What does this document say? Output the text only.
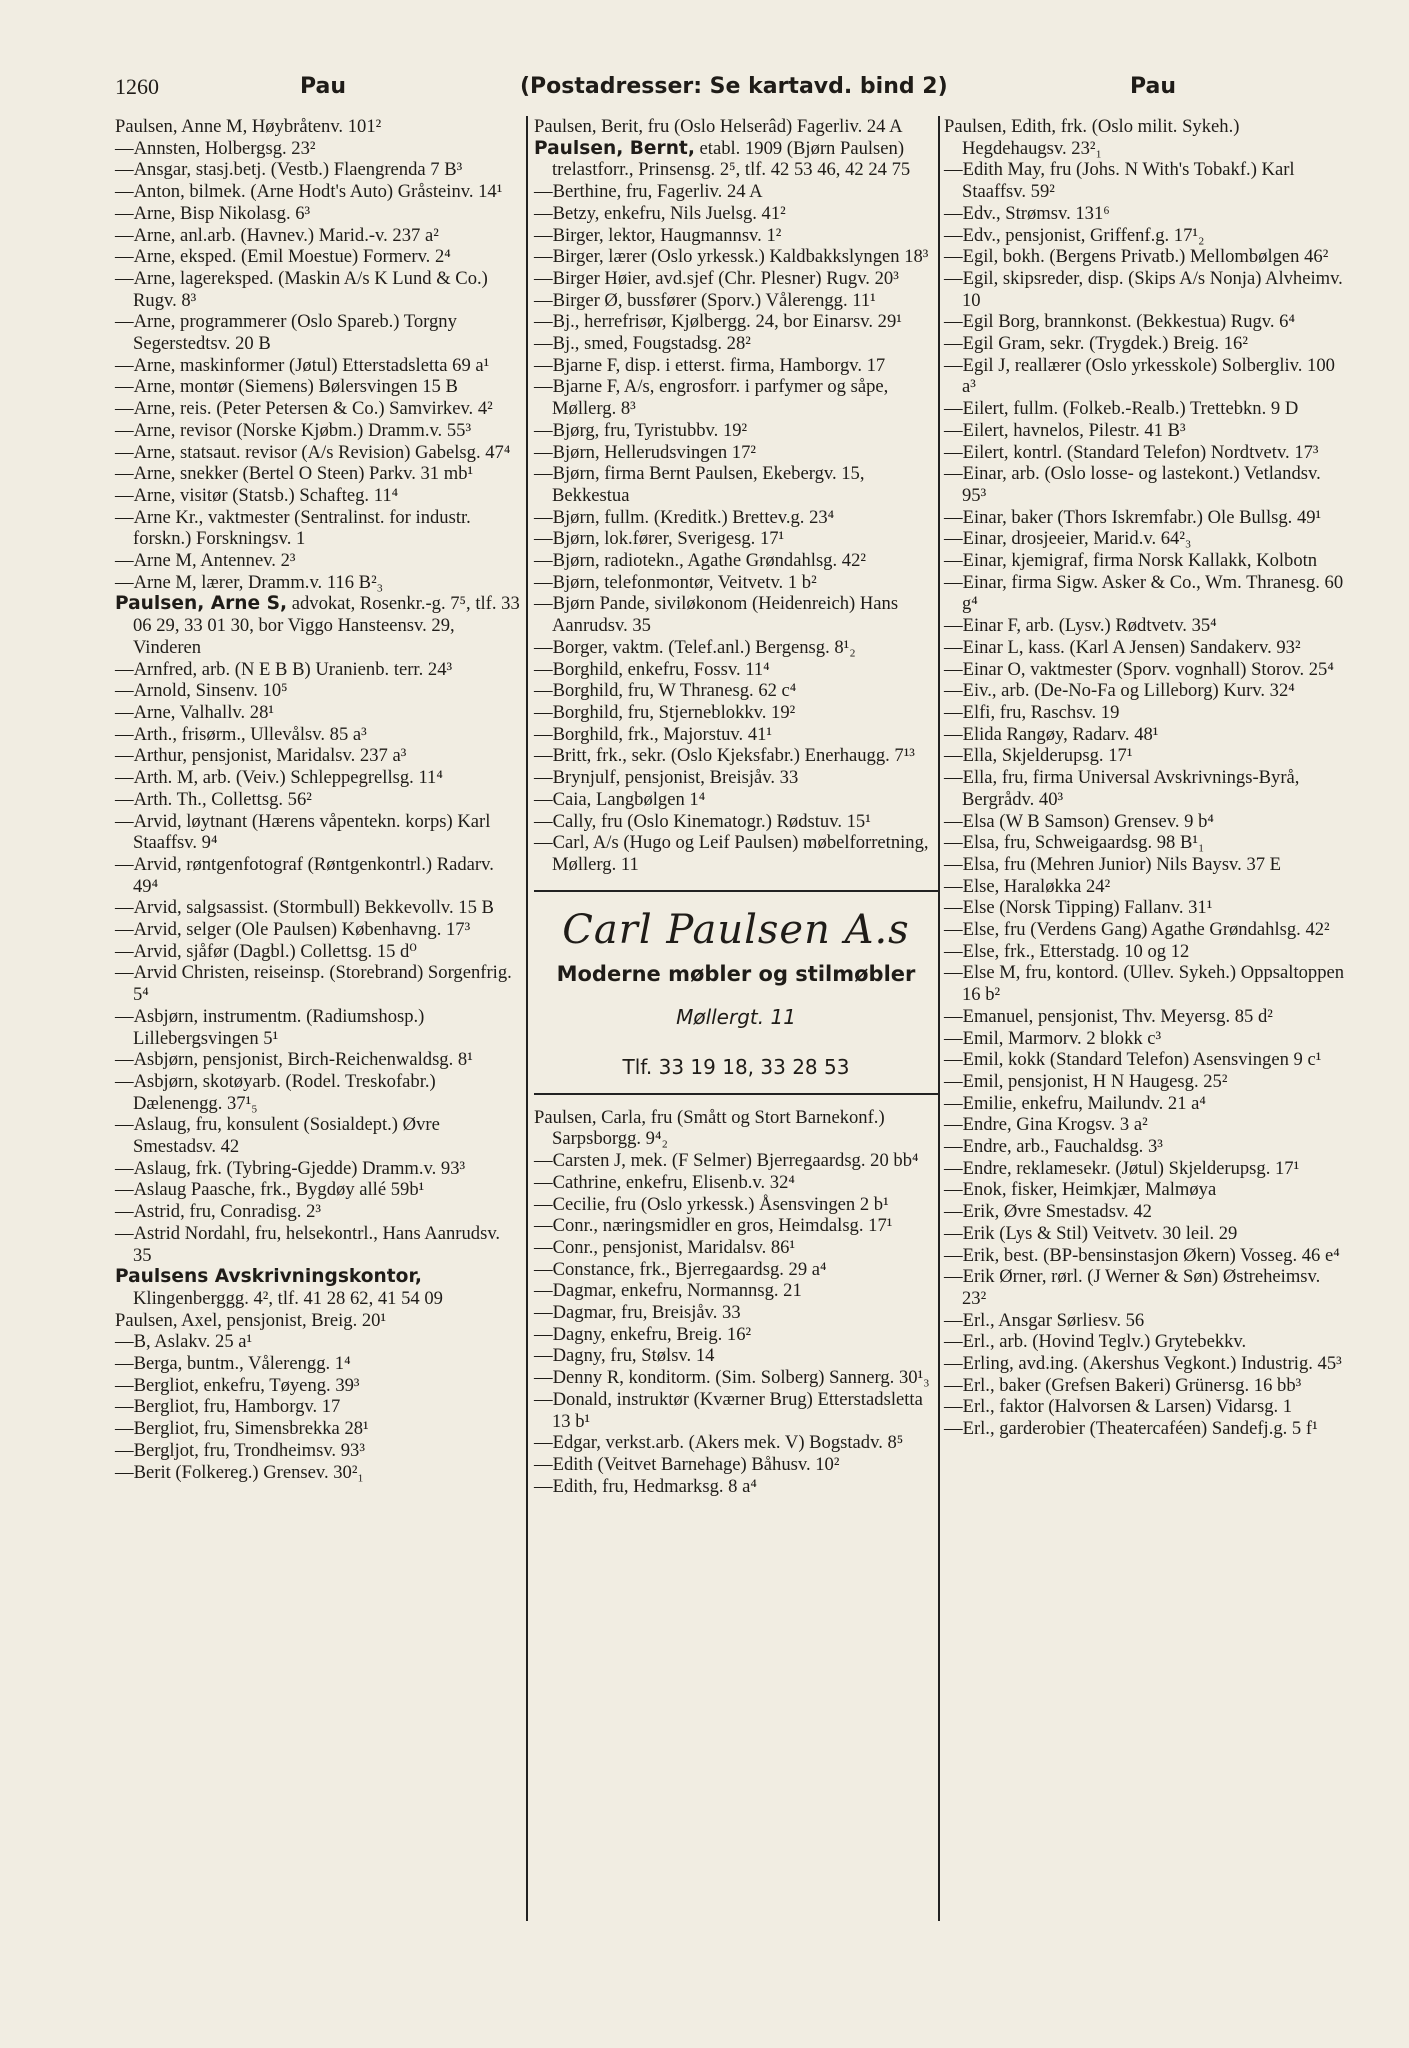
1260	Pau	(Postadresser: Se kartavd. bind 2)	Pau
Paulsen, Anne M, Høybråtenv. 101²
—Annsten, Holbergsg. 23²
—Ansgar, stasj.betj. (Vestb.) Flaengrenda 7 B³
—Anton, bilmek. (Arne Hodt's Auto) Gråsteinv. 14¹
—Arne, Bisp Nikolasg. 6³
—Arne, anl.arb. (Havnev.) Marid.-v. 237 a²
—Arne, eksped. (Emil Moestue) Formerv. 2⁴
—Arne, lagereksped. (Maskin A/s K Lund & Co.) Rugv. 8³
—Arne, programmerer (Oslo Spareb.) Torgny Segerstedtsv. 20 B
—Arne, maskinformer (Jøtul) Etterstadsletta 69 a¹
—Arne, montør (Siemens) Bølersvingen 15 B
—Arne, reis. (Peter Petersen & Co.) Samvirkev. 4²
—Arne, revisor (Norske Kjøbm.) Dramm.v. 55³
—Arne, statsaut. revisor (A/s Revision) Gabelsg. 47⁴
—Arne, snekker (Bertel O Steen) Parkv. 31 mb¹
—Arne, visitør (Statsb.) Schafteg. 11⁴
—Arne Kr., vaktmester (Sentralinst. for industr. forskn.) Forskningsv. 1
—Arne M, Antennev. 2³
—Arne M, lærer, Dramm.v. 116 B²₃
Paulsen, Arne S, advokat, Rosenkr.-g. 7⁵, tlf. 33 06 29, 33 01 30, bor Viggo Hansteensv. 29, Vinderen
—Arnfred, arb. (N E B B) Uranienb. terr. 24³
—Arnold, Sinsenv. 10⁵
—Arne, Valhallv. 28¹
—Arth., frisørm., Ullevålsv. 85 a³
—Arthur, pensjonist, Maridalsv. 237 a³
—Arth. M, arb. (Veiv.) Schleppegrellsg. 11⁴
—Arth. Th., Collettsg. 56²
—Arvid, løytnant (Hærens våpentekn. korps) Karl Staaffsv. 9⁴
—Arvid, røntgenfotograf (Røntgenkontrl.) Radarv. 49⁴
—Arvid, salgsassist. (Stormbull) Bekkevollv. 15 B
—Arvid, selger (Ole Paulsen) Københavng. 17³
—Arvid, sjåfør (Dagbl.) Collettsg. 15 d⁰
—Arvid Christen, reiseinsp. (Storebrand) Sorgenfrig. 5⁴
—Asbjørn, instrumentm. (Radiumshosp.) Lillebergsvingen 5¹
—Asbjørn, pensjonist, Birch-Reichenwaldsg. 8¹
—Asbjørn, skotøyarb. (Rodel. Treskofabr.) Dælenengg. 37¹₅
—Aslaug, fru, konsulent (Sosialdept.) Øvre Smestadsv. 42
—Aslaug, frk. (Tybring-Gjedde) Dramm.v. 93³
—Aslaug Paasche, frk., Bygdøy allé 59b¹
—Astrid, fru, Conradisg. 2³
—Astrid Nordahl, fru, helsekontrl., Hans Aanrudsv. 35
Paulsens Avskrivningskontor, Klingenberggg. 4², tlf. 41 28 62, 41 54 09
Paulsen, Axel, pensjonist, Breig. 20¹
—B, Aslakv. 25 a¹
—Berga, buntm., Vålerengg. 1⁴
—Bergliot, enkefru, Tøyeng. 39³
—Bergliot, fru, Hamborgv. 17
—Bergliot, fru, Simensbrekka 28¹
—Bergljot, fru, Trondheimsv. 93³
—Berit (Folkereg.) Grensev. 30²₁
Paulsen, Berit, fru (Oslo Helserâd) Fagerliv. 24 A
Paulsen, Bernt, etabl. 1909 (Bjørn Paulsen) trelastforr., Prinsensg. 2⁵, tlf. 42 53 46, 42 24 75
—Berthine, fru, Fagerliv. 24 A
—Betzy, enkefru, Nils Juelsg. 41²
—Birger, lektor, Haugmannsv. 1²
—Birger, lærer (Oslo yrkessk.) Kaldbakkslyngen 18³
—Birger Høier, avd.sjef (Chr. Plesner) Rugv. 20³
—Birger Ø, bussfører (Sporv.) Vålerengg. 11¹
—Bj., herrefrisør, Kjølbergg. 24, bor Einarsv. 29¹
—Bj., smed, Fougstadsg. 28²
—Bjarne F, disp. i etterst. firma, Hamborgv. 17
—Bjarne F, A/s, engrosforr. i parfymer og såpe, Møllerg. 8³
—Bjørg, fru, Tyristubbv. 19²
—Bjørn, Hellerudsvingen 17²
—Bjørn, firma Bernt Paulsen, Ekebergv. 15, Bekkestua
—Bjørn, fullm. (Kreditk.) Brettev.g. 23⁴
—Bjørn, lok.fører, Sverigesg. 17¹
—Bjørn, radiotekn., Agathe Grøndahlsg. 42²
—Bjørn, telefonmontør, Veitvetv. 1 b²
—Bjørn Pande, siviløkonom (Heidenreich) Hans Aanrudsv. 35
—Borger, vaktm. (Telef.anl.) Bergensg. 8¹₂
—Borghild, enkefru, Fossv. 11⁴
—Borghild, fru, W Thranesg. 62 c⁴
—Borghild, fru, Stjerneblokkv. 19²
—Borghild, frk., Majorstuv. 41¹
—Britt, frk., sekr. (Oslo Kjeksfabr.) Enerhaugg. 7¹³
—Brynjulf, pensjonist, Breisjåv. 33
—Caia, Langbølgen 1⁴
—Cally, fru (Oslo Kinematogr.) Rødstuv. 15¹
—Carl, A/s (Hugo og Leif Paulsen) møbelforretning, Møllerg. 11
Carl Paulsen A.s
Moderne møbler og stilmøbler
Møllergt. 11
Tlf. 33 19 18, 33 28 53
Paulsen, Carla, fru (Smått og Stort Barnekonf.) Sarpsborgg. 9⁴₂
—Carsten J, mek. (F Selmer) Bjerregaardsg. 20 bb⁴
—Cathrine, enkefru, Elisenb.v. 32⁴
—Cecilie, fru (Oslo yrkessk.) Åsensvingen 2 b¹
—Conr., næringsmidler en gros, Heimdalsg. 17¹
—Conr., pensjonist, Maridalsv. 86¹
—Constance, frk., Bjerregaardsg. 29 a⁴
—Dagmar, enkefru, Normannsg. 21
—Dagmar, fru, Breisjåv. 33
—Dagny, enkefru, Breig. 16²
—Dagny, fru, Stølsv. 14
—Denny R, konditorm. (Sim. Solberg) Sannerg. 30¹₃
—Donald, instruktør (Kværner Brug) Etterstadsletta 13 b¹
—Edgar, verkst.arb. (Akers mek. V) Bogstadv. 8⁵
—Edith (Veitvet Barnehage) Båhusv. 10²
—Edith, fru, Hedmarksg. 8 a⁴
Paulsen, Edith, frk. (Oslo milit. Sykeh.) Hegdehaugsv. 23²₁
—Edith May, fru (Johs. N With's Tobakf.) Karl Staaffsv. 59²
—Edv., Strømsv. 131⁶
—Edv., pensjonist, Griffenf.g. 17¹₂
—Egil, bokh. (Bergens Privatb.) Mellombølgen 46²
—Egil, skipsreder, disp. (Skips A/s Nonja) Alvheimv. 10
—Egil Borg, brannkonst. (Bekkestua) Rugv. 6⁴
—Egil Gram, sekr. (Trygdek.) Breig. 16²
—Egil J, reallærer (Oslo yrkesskole) Solbergliv. 100 a³
—Eilert, fullm. (Folkeb.-Realb.) Trettebkn. 9 D
—Eilert, havnelos, Pilestr. 41 B³
—Eilert, kontrl. (Standard Telefon) Nordtvetv. 17³
—Einar, arb. (Oslo losse- og lastekont.) Vetlandsv. 95³
—Einar, baker (Thors Iskremfabr.) Ole Bullsg. 49¹
—Einar, drosjeeier, Marid.v. 64²₃
—Einar, kjemigraf, firma Norsk Kallakk, Kolbotn
—Einar, firma Sigw. Asker & Co., Wm. Thranesg. 60 g⁴
—Einar F, arb. (Lysv.) Rødtvetv. 35⁴
—Einar L, kass. (Karl A Jensen) Sandakerv. 93²
—Einar O, vaktmester (Sporv. vognhall) Storov. 25⁴
—Eiv., arb. (De-No-Fa og Lilleborg) Kurv. 32⁴
—Elfi, fru, Raschsv. 19
—Elida Rangøy, Radarv. 48¹
—Ella, Skjelderupsg. 17¹
—Ella, fru, firma Universal Avskrivnings-Byrå, Bergrådv. 40³
—Elsa (W B Samson) Grensev. 9 b⁴
—Elsa, fru, Schweigaardsg. 98 B¹₁
—Elsa, fru (Mehren Junior) Nils Baysv. 37 E
—Else, Haraløkka 24²
—Else (Norsk Tipping) Fallanv. 31¹
—Else, fru (Verdens Gang) Agathe Grøndahlsg. 42²
—Else, frk., Etterstadg. 10 og 12
—Else M, fru, kontord. (Ullev. Sykeh.) Oppsaltoppen 16 b²
—Emanuel, pensjonist, Thv. Meyersg. 85 d²
—Emil, Marmorv. 2 blokk c³
—Emil, kokk (Standard Telefon) Asensvingen 9 c¹
—Emil, pensjonist, H N Haugesg. 25²
—Emilie, enkefru, Mailundv. 21 a⁴
—Endre, Gina Krogsv. 3 a²
—Endre, arb., Fauchaldsg. 3³
—Endre, reklamesekr. (Jøtul) Skjelderupsg. 17¹
—Enok, fisker, Heimkjær, Malmøya
—Erik, Øvre Smestadsv. 42
—Erik (Lys & Stil) Veitvetv. 30 leil. 29
—Erik, best. (BP-bensinstasjon Økern) Vosseg. 46 e⁴
—Erik Ørner, rørl. (J Werner & Søn) Østreheimsv. 23²
—Erl., Ansgar Sørliesv. 56
—Erl., arb. (Hovind Teglv.) Grytebekkv.
—Erling, avd.ing. (Akershus Vegkont.) Industrig. 45³
—Erl., baker (Grefsen Bakeri) Grünersg. 16 bb³
—Erl., faktor (Halvorsen & Larsen) Vidarsg. 1
—Erl., garderobier (Theatercaféen) Sandefj.g. 5 f¹
